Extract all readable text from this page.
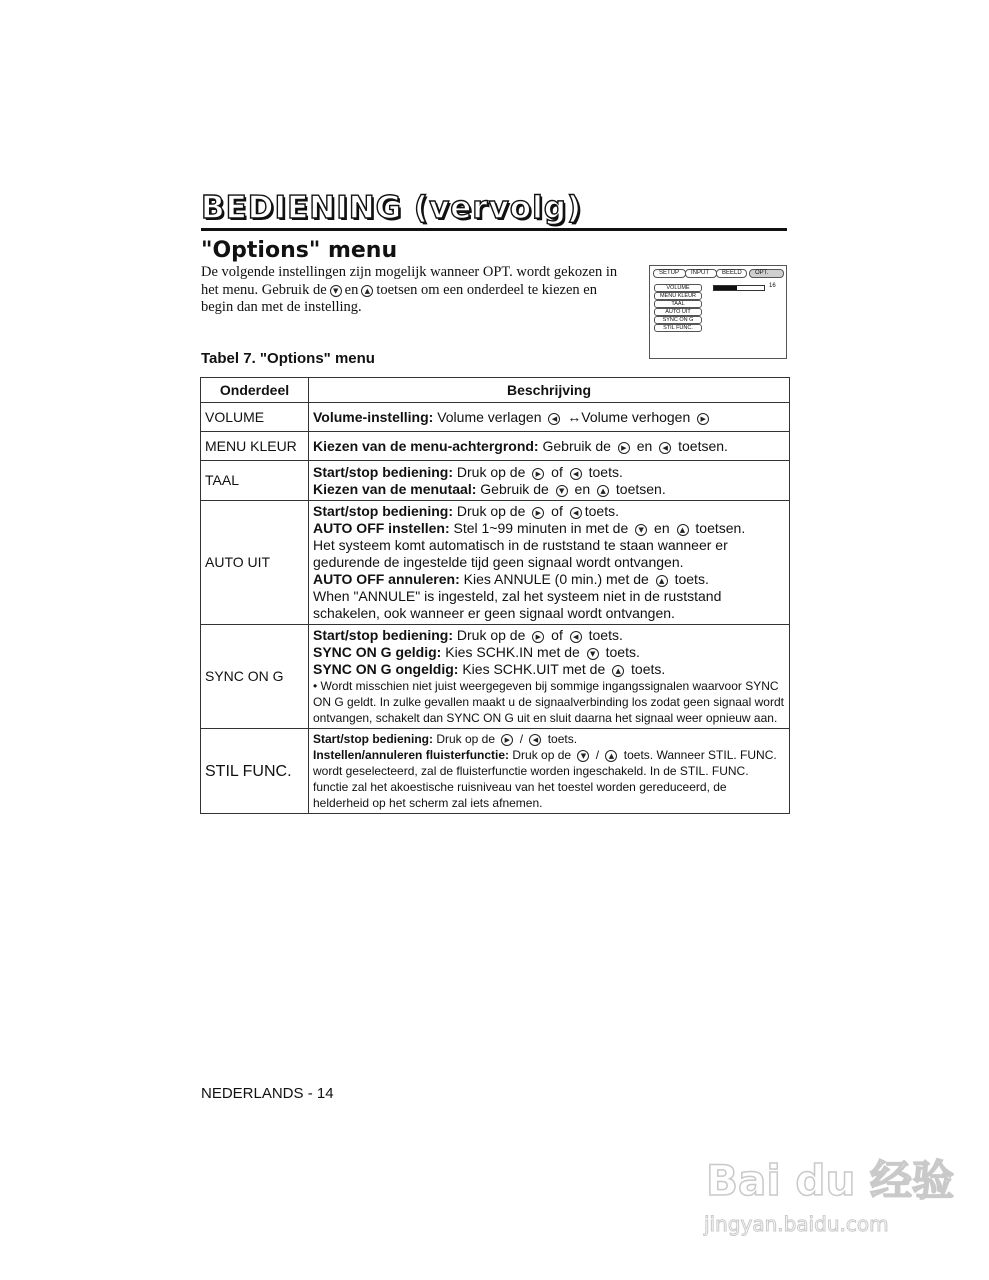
BEDIENING (vervolg)
"Options" menu
De volgende instellingen zijn mogelijk wanneer OPT. wordt gekozen in het menu. Gebruik de ▼ en ▲ toetsen om een onderdeel te kiezen en begin dan met de instelling.
SETUP	INPUT	BEELD	OPT.
VOLUME
MENU KLEUR
TAAL
AUTO UIT
SYNC ON G
STIL FUNC.
16
Tabel 7. "Options" menu
Onderdeel	Beschrijving
VOLUME	Volume-instelling: Volume verlagen ◀ ↔Volume verhogen ▶
MENU KLEUR	Kiezen van de menu-achtergrond: Gebruik de ▶ en ◀ toetsen.
TAAL	Start/stop bediening: Druk op de ▶ of ◀ toets.
Kiezen van de menutaal: Gebruik de ▼ en ▲ toetsen.
AUTO UIT	Start/stop bediening: Druk op de ▶ of ◀ toets.
AUTO OFF instellen: Stel 1~99 minuten in met de ▼ en ▲ toetsen.
Het systeem komt automatisch in de ruststand te staan wanneer er gedurende de ingestelde tijd geen signaal wordt ontvangen.
AUTO OFF annuleren: Kies ANNULE (0 min.) met de ▲ toets.
When "ANNULE" is ingesteld, zal het systeem niet in de ruststand schakelen, ook wanneer er geen signaal wordt ontvangen.
SYNC ON G	Start/stop bediening: Druk op de ▶ of ◀ toets.
SYNC ON G geldig: Kies SCHK.IN met de ▼ toets.
SYNC ON G ongeldig: Kies SCHK.UIT met de ▲ toets.
• Wordt misschien niet juist weergegeven bij sommige ingangssignalen waarvoor SYNC ON G geldt. In zulke gevallen maakt u de signaalverbinding los zodat geen signaal wordt ontvangen, schakelt dan SYNC ON G uit en sluit daarna het signaal weer opnieuw aan.
STIL FUNC.	Start/stop bediening: Druk op de ▶ / ◀ toets.
Instellen/annuleren fluisterfunctie: Druk op de ▼ / ▲ toets. Wanneer STIL. FUNC. wordt geselecteerd, zal de fluisterfunctie worden ingeschakeld. In de STIL. FUNC. functie zal het akoestische ruisniveau van het toestel worden gereduceerd, de helderheid op het scherm zal iets afnemen.
NEDERLANDS - 14
Bai du 经验
jingyan.baidu.com
